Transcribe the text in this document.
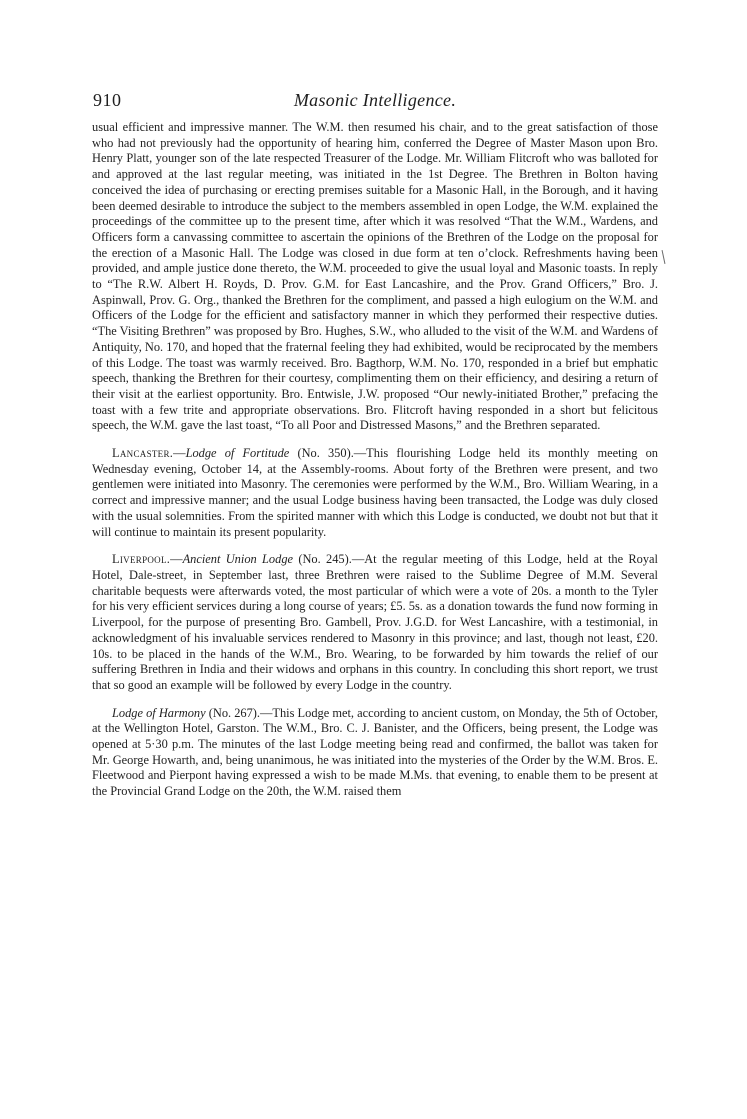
910	Masonic Intelligence.

usual efficient and impressive manner. The W.M. then resumed his chair, and to the great satisfaction of those who had not previously had the opportunity of hearing him, conferred the Degree of Master Mason upon Bro. Henry Platt, younger son of the late respected Treasurer of the Lodge. Mr. William Flitcroft who was balloted for and approved at the last regular meeting, was initiated in the 1st Degree. The Brethren in Bolton having conceived the idea of purchasing or erecting premises suitable for a Masonic Hall, in the Borough, and it having been deemed desirable to introduce the subject to the members assembled in open Lodge, the W.M. explained the proceedings of the committee up to the present time, after which it was resolved “That the W.M., Wardens, and Officers form a canvassing committee to ascertain the opinions of the Brethren of the Lodge on the proposal for the erection of a Masonic Hall. The Lodge was closed in due form at ten o’clock. Refreshments having been provided, and ample justice done thereto, the W.M. proceeded to give the usual loyal and Masonic toasts. In reply to “The R.W. Albert H. Royds, D. Prov. G.M. for East Lancashire, and the Prov. Grand Officers,” Bro. J. Aspinwall, Prov. G. Org., thanked the Brethren for the compliment, and passed a high eulogium on the W.M. and Officers of the Lodge for the efficient and satisfactory manner in which they performed their respective duties. “The Visiting Brethren” was proposed by Bro. Hughes, S.W., who alluded to the visit of the W.M. and Wardens of Antiquity, No. 170, and hoped that the fraternal feeling they had exhibited, would be reciprocated by the members of this Lodge. The toast was warmly received. Bro. Bagthorp, W.M. No. 170, responded in a brief but emphatic speech, thanking the Brethren for their courtesy, complimenting them on their efficiency, and desiring a return of their visit at the earliest opportunity. Bro. Entwisle, J.W. proposed “Our newly-initiated Brother,” prefacing the toast with a few trite and appropriate observations. Bro. Flitcroft having responded in a short but felicitous speech, the W.M. gave the last toast, “To all Poor and Distressed Masons,” and the Brethren separated.

Lancaster.—Lodge of Fortitude (No. 350).—This flourishing Lodge held its monthly meeting on Wednesday evening, October 14, at the Assembly-rooms. About forty of the Brethren were present, and two gentlemen were initiated into Masonry. The ceremonies were performed by the W.M., Bro. William Wearing, in a correct and impressive manner; and the usual Lodge business having been transacted, the Lodge was duly closed with the usual solemnities. From the spirited manner with which this Lodge is conducted, we doubt not but that it will continue to maintain its present popularity.

Liverpool.—Ancient Union Lodge (No. 245).—At the regular meeting of this Lodge, held at the Royal Hotel, Dale-street, in September last, three Brethren were raised to the Sublime Degree of M.M. Several charitable bequests were afterwards voted, the most particular of which were a vote of 20s. a month to the Tyler for his very efficient services during a long course of years; £5. 5s. as a donation towards the fund now forming in Liverpool, for the purpose of presenting Bro. Gambell, Prov. J.G.D. for West Lancashire, with a testimonial, in acknowledgment of his invaluable services rendered to Masonry in this province; and last, though not least, £20. 10s. to be placed in the hands of the W.M., Bro. Wearing, to be forwarded by him towards the relief of our suffering Brethren in India and their widows and orphans in this country. In concluding this short report, we trust that so good an example will be followed by every Lodge in the country.

Lodge of Harmony (No. 267).—This Lodge met, according to ancient custom, on Monday, the 5th of October, at the Wellington Hotel, Garston. The W.M., Bro. C. J. Banister, and the Officers, being present, the Lodge was opened at 5·30 p.m. The minutes of the last Lodge meeting being read and confirmed, the ballot was taken for Mr. George Howarth, and, being unanimous, he was initiated into the mysteries of the Order by the W.M. Bros. E. Fleetwood and Pierpont having expressed a wish to be made M.Ms. that evening, to enable them to be present at the Provincial Grand Lodge on the 20th, the W.M. raised them
